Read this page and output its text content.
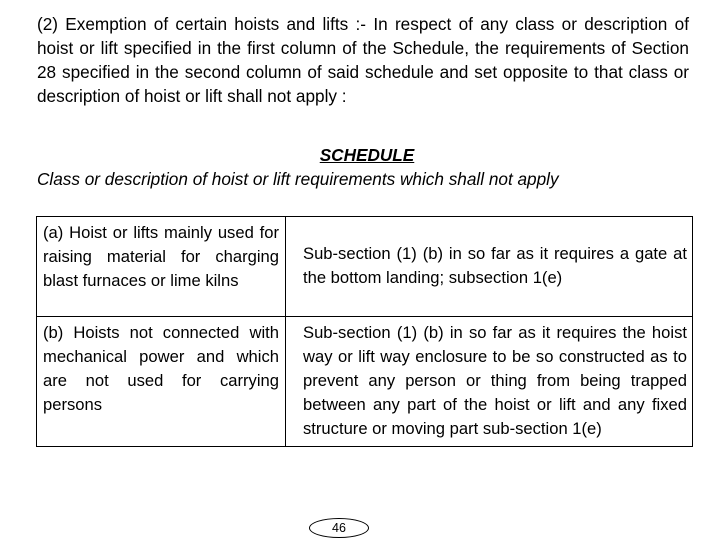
(2) Exemption of certain hoists and lifts :- In respect of any class or description of hoist or lift specified in the first column of the Schedule, the requirements of Section 28 specified in the second column of said schedule and set opposite to that class or description of hoist or lift shall not apply :

SCHEDULE

Class or description of hoist or lift requirements which shall not apply

(a) Hoist or lifts mainly used for raising material for charging blast furnaces or lime kilns	Sub-section (1) (b) in so far as it requires a gate at the bottom landing; subsection 1(e)
(b) Hoists not connected with mechanical power and which are not used for carrying persons	Sub-section (1) (b) in so far as it requires the hoist way or lift way enclosure to be so constructed as to prevent any person or thing from being trapped between any part of the hoist or lift and any fixed structure or moving part sub-section 1(e)
46
